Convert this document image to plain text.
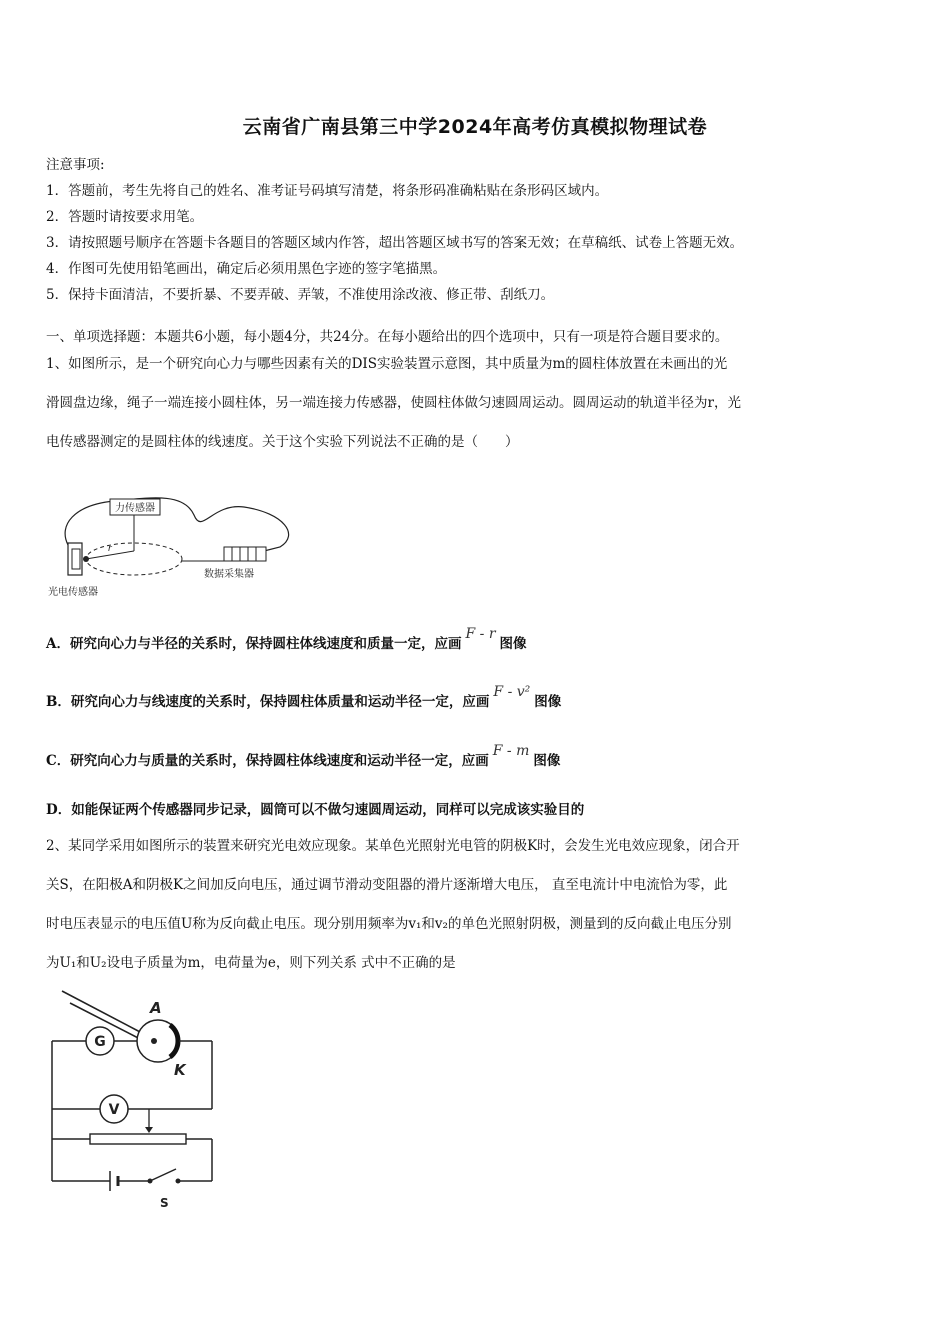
云南省广南县第三中学2024年高考仿真模拟物理试卷
注意事项:
1．答题前，考生先将自己的姓名、准考证号码填写清楚，将条形码准确粘贴在条形码区域内。
2．答题时请按要求用笔。
3．请按照题号顺序在答题卡各题目的答题区域内作答，超出答题区域书写的答案无效；在草稿纸、试卷上答题无效。
4．作图可先使用铅笔画出，确定后必须用黑色字迹的签字笔描黑。
5．保持卡面清洁，不要折暴、不要弄破、弄皱，不准使用涂改液、修正带、刮纸刀。
一、单项选择题：本题共6小题，每小题4分，共24分。在每小题给出的四个选项中，只有一项是符合题目要求的。
1、如图所示，是一个研究向心力与哪些因素有关的DIS实验装置示意图，其中质量为m的圆柱体放置在未画出的光
滑圆盘边缘，绳子一端连接小圆柱体，另一端连接力传感器，使圆柱体做匀速圆周运动。圆周运动的轨道半径为r，光
电传感器测定的是圆柱体的线速度。关于这个实验下列说法不正确的是（　　）
力传感器
r
光电传感器
数据采集器
A．研究向心力与半径的关系时，保持圆柱体线速度和质量一定，应画F - r图像
B．研究向心力与线速度的关系时，保持圆柱体质量和运动半径一定，应画F - v²图像
C．研究向心力与质量的关系时，保持圆柱体线速度和运动半径一定，应画F - m图像
D．如能保证两个传感器同步记录，圆筒可以不做匀速圆周运动，同样可以完成该实验目的
2、某同学采用如图所示的装置来研究光电效应现象。某单色光照射光电管的阴极K时，会发生光电效应现象，闭合开
关S，在阳极A和阴极K之间加反向电压，通过调节滑动变阻器的滑片逐渐增大电压， 直至电流计中电流恰为零，此
时电压表显示的电压值U称为反向截止电压。现分别用频率为v₁和v₂的单色光照射阴极，测量到的反向截止电压分别
为U₁和U₂设电子质量为m，电荷量为e，则下列关系 式中不正确的是
G
A
K
V
S
